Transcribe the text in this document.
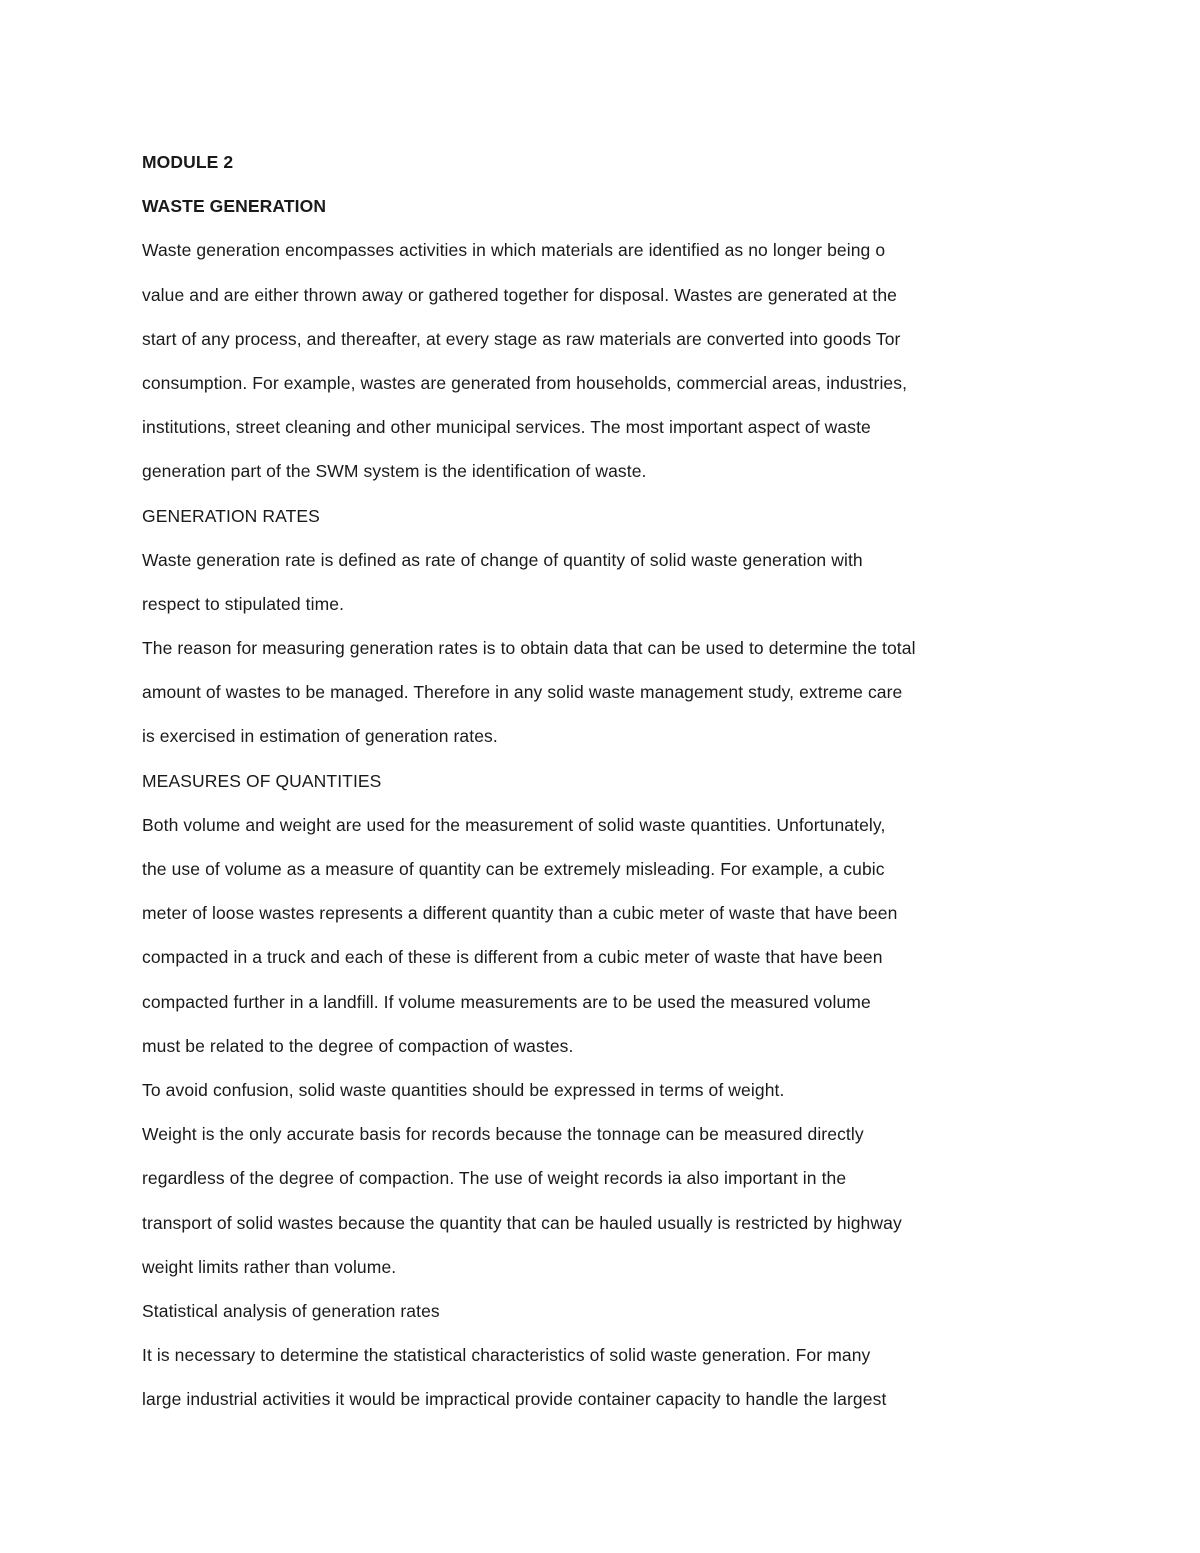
MODULE 2
WASTE GENERATION
Waste generation encompasses activities in which materials are identified as no longer being o
value and are either thrown away or gathered together for disposal. Wastes are generated at the
start of any process, and thereafter, at every stage as raw materials are converted into goods Tor
consumption. For example, wastes are generated from households, commercial areas, industries,
institutions, street cleaning and other municipal services. The most important aspect of waste
generation part of the SWM system is the identification of waste.
GENERATION RATES
Waste generation rate is defined as rate of change of quantity of solid waste generation with
respect to stipulated time.
The reason for measuring generation rates is to obtain data that can be used to determine the total
amount of wastes to be managed. Therefore in any solid waste management study, extreme care
is exercised in estimation of generation rates.
MEASURES OF QUANTITIES
Both volume and weight are used for the measurement of solid waste quantities. Unfortunately,
the use of volume as a measure of quantity can be extremely misleading. For example, a cubic
meter of loose wastes represents a different quantity than a cubic meter of waste that have been
compacted in a truck and each of these is different from a cubic meter of waste that have been
compacted further in a landfill. If volume measurements are to be used the measured volume
must be related to the degree of compaction of wastes.
To avoid confusion, solid waste quantities should be expressed in terms of weight.
Weight is the only accurate basis for records because the tonnage can be measured directly
regardless of the degree of compaction. The use of weight records ia also important in the
transport of solid wastes because the quantity that can be hauled usually is restricted by highway
weight limits rather than volume.
Statistical analysis of generation rates
It is necessary to determine the statistical characteristics of solid waste generation. For many
large industrial activities it would be impractical provide container capacity to handle the largest
